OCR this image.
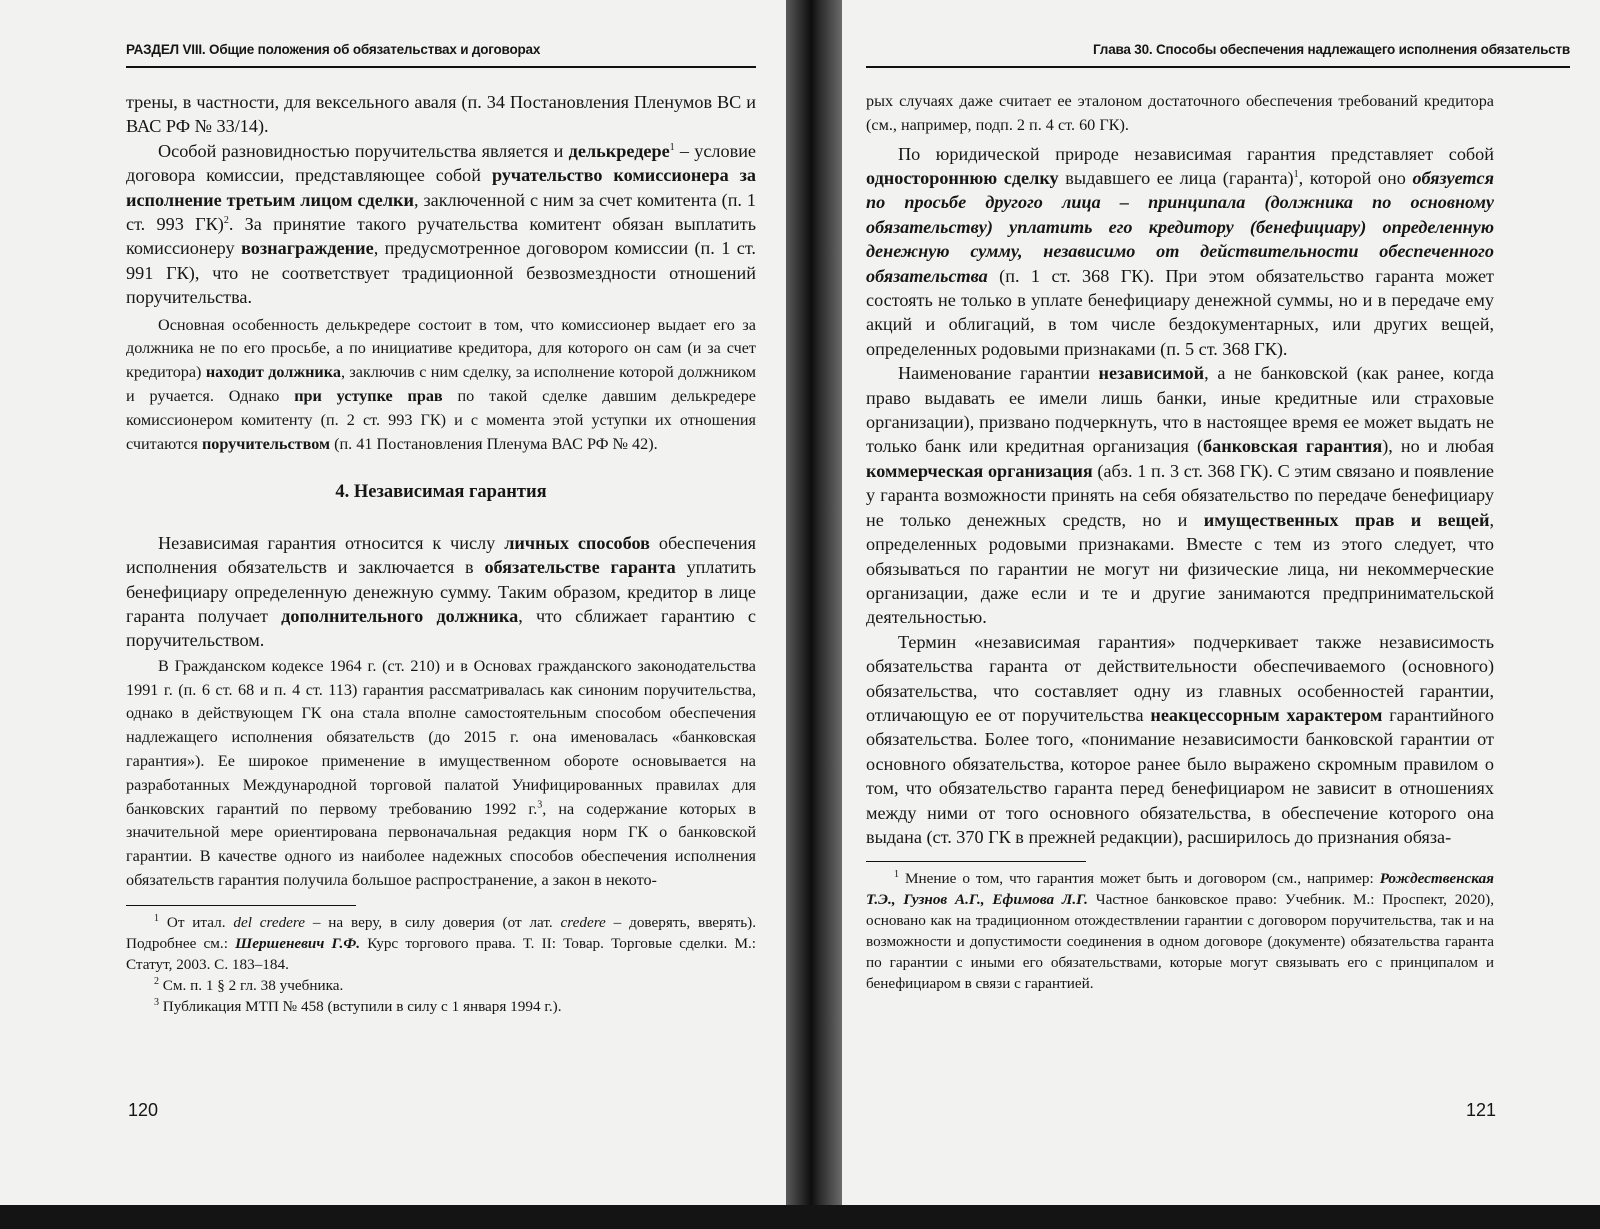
РАЗДЕЛ VIII. Общие положения об обязательствах и договорах

трены, в частности, для вексельного аваля (п. 34 Постановления Пленумов ВС и ВАС РФ № 33/14).

Особой разновидностью поручительства является и делькредере$^1$ – условие договора комиссии, представляющее собой ручательство комиссионера за исполнение третьим лицом сделки, заключенной с ним за счет комитента (п. 1 ст. 993 ГК)$^2$. За принятие такого ручательства комитент обязан выплатить комиссионеру вознаграждение, предусмотренное договором комиссии (п. 1 ст. 991 ГК), что не соответствует традиционной безвозмездности отношений поручительства.

Основная особенность делькредере состоит в том, что комиссионер выдает его за должника не по его просьбе, а по инициативе кредитора, для которого он сам (и за счет кредитора) находит должника, заключив с ним сделку, за исполнение которой должником и ручается. Однако при уступке прав по такой сделке давшим делькредере комиссионером комитенту (п. 2 ст. 993 ГК) и с момента этой уступки их отношения считаются поручительством (п. 41 Постановления Пленума ВАС РФ № 42).

4. Независимая гарантия

Независимая гарантия относится к числу личных способов обеспечения исполнения обязательств и заключается в обязательстве гаранта уплатить бенефициару определенную денежную сумму. Таким образом, кредитор в лице гаранта получает дополнительного должника, что сближает гарантию с поручительством.

В Гражданском кодексе 1964 г. (ст. 210) и в Основах гражданского законодательства 1991 г. (п. 6 ст. 68 и п. 4 ст. 113) гарантия рассматривалась как синоним поручительства, однако в действующем ГК она стала вполне самостоятельным способом обеспечения надлежащего исполнения обязательств (до 2015 г. она именовалась «банковская гарантия»). Ее широкое применение в имущественном обороте основывается на разработанных Международной торговой палатой Унифицированных правилах для банковских гарантий по первому требованию 1992 г.$^3$, на содержание которых в значительной мере ориентирована первоначальная редакция норм ГК о банковской гарантии. В качестве одного из наиболее надежных способов обеспечения исполнения обязательств гарантия получила большое распространение, а закон в некото-

$^1$ От итал. del credere – на веру, в силу доверия (от лат. credere – доверять, вверять). Подробнее см.: Шершеневич Г.Ф. Курс торгового права. Т. II: Товар. Торговые сделки. М.: Статут, 2003. С. 183–184.

$^2$ См. п. 1 § 2 гл. 38 учебника.

$^3$ Публикация МТП № 458 (вступили в силу с 1 января 1994 г.).

120
Глава 30. Способы обеспечения надлежащего исполнения обязательств

рых случаях даже считает ее эталоном достаточного обеспечения требований кредитора (см., например, подп. 2 п. 4 ст. 60 ГК).

По юридической природе независимая гарантия представляет собой одностороннюю сделку выдавшего ее лица (гаранта)$^1$, которой оно обязуется по просьбе другого лица – принципала (должника по основному обязательству) уплатить его кредитору (бенефициару) определенную денежную сумму, независимо от действительности обеспеченного обязательства (п. 1 ст. 368 ГК). При этом обязательство гаранта может состоять не только в уплате бенефициару денежной суммы, но и в передаче ему акций и облигаций, в том числе бездокументарных, или других вещей, определенных родовыми признаками (п. 5 ст. 368 ГК).

Наименование гарантии независимой, а не банковской (как ранее, когда право выдавать ее имели лишь банки, иные кредитные или страховые организации), призвано подчеркнуть, что в настоящее время ее может выдать не только банк или кредитная организация (банковская гарантия), но и любая коммерческая организация (абз. 1 п. 3 ст. 368 ГК). С этим связано и появление у гаранта возможности принять на себя обязательство по передаче бенефициару не только денежных средств, но и имущественных прав и вещей, определенных родовыми признаками. Вместе с тем из этого следует, что обязываться по гарантии не могут ни физические лица, ни некоммерческие организации, даже если и те и другие занимаются предпринимательской деятельностью.

Термин «независимая гарантия» подчеркивает также независимость обязательства гаранта от действительности обеспечиваемого (основного) обязательства, что составляет одну из главных особенностей гарантии, отличающую ее от поручительства неакцессорным характером гарантийного обязательства. Более того, «понимание независимости банковской гарантии от основного обязательства, которое ранее было выражено скромным правилом о том, что обязательство гаранта перед бенефициаром не зависит в отношениях между ними от того основного обязательства, в обеспечение которого она выдана (ст. 370 ГК в прежней редакции), расширилось до признания обяза-

$^1$ Мнение о том, что гарантия может быть и договором (см., например: Рождественская Т.Э., Гузнов А.Г., Ефимова Л.Г. Частное банковское право: Учебник. М.: Проспект, 2020), основано как на традиционном отождествлении гарантии с договором поручительства, так и на возможности и допустимости соединения в одном договоре (документе) обязательства гаранта по гарантии с иными его обязательствами, которые могут связывать его с принципалом и бенефициаром в связи с гарантией.

121
